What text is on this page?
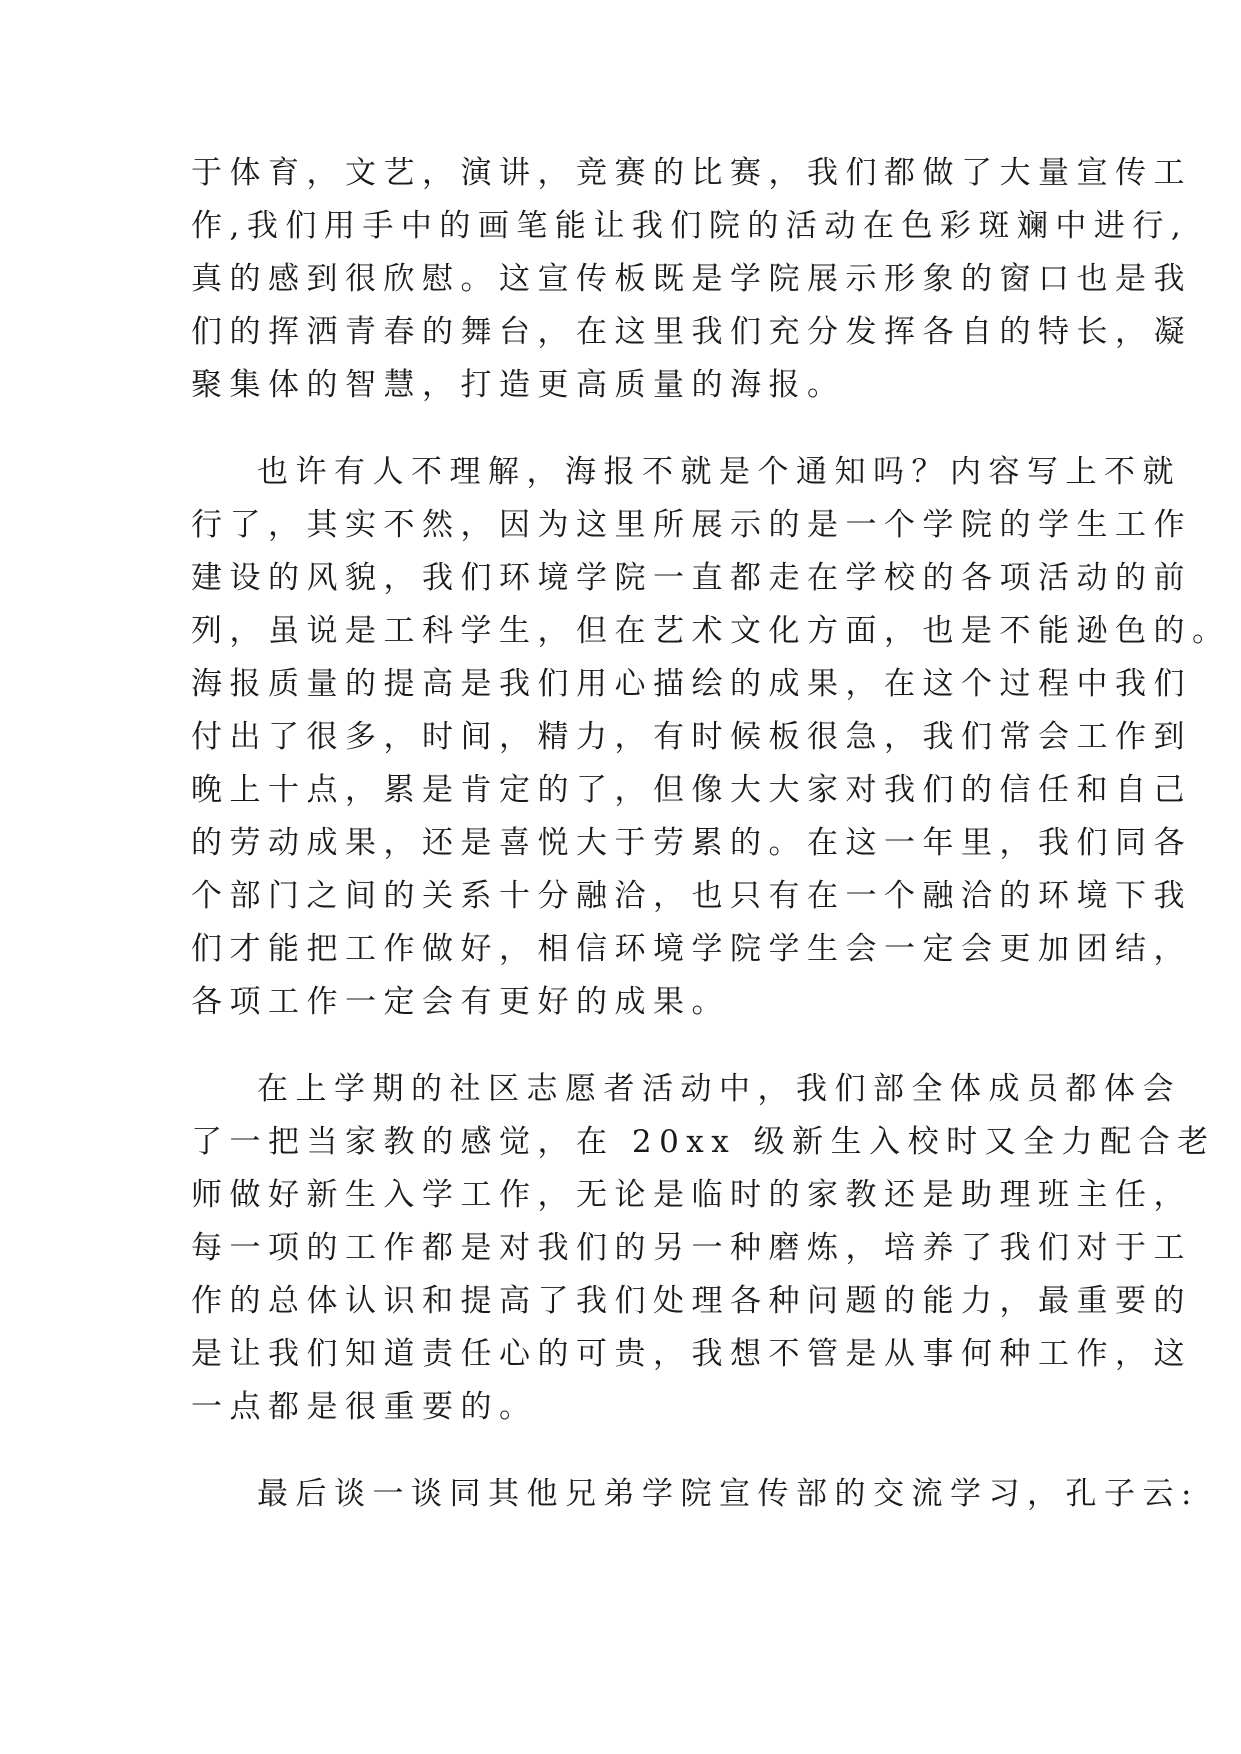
于体育，文艺，演讲，竞赛的比赛，我们都做了大量宣传工
作,我们用手中的画笔能让我们院的活动在色彩斑斓中进行,
真的感到很欣慰。这宣传板既是学院展示形象的窗口也是我
们的挥洒青春的舞台，在这里我们充分发挥各自的特长，凝
聚集体的智慧，打造更高质量的海报。
也许有人不理解，海报不就是个通知吗？内容写上不就
行了，其实不然，因为这里所展示的是一个学院的学生工作
建设的风貌，我们环境学院一直都走在学校的各项活动的前
列，虽说是工科学生，但在艺术文化方面，也是不能逊色的。
海报质量的提高是我们用心描绘的成果，在这个过程中我们
付出了很多，时间，精力，有时候板很急，我们常会工作到
晚上十点，累是肯定的了，但像大大家对我们的信任和自己
的劳动成果，还是喜悦大于劳累的。在这一年里，我们同各
个部门之间的关系十分融洽，也只有在一个融洽的环境下我
们才能把工作做好，相信环境学院学生会一定会更加团结，
各项工作一定会有更好的成果。
在上学期的社区志愿者活动中，我们部全体成员都体会
了一把当家教的感觉，在 20xx 级新生入校时又全力配合老
师做好新生入学工作，无论是临时的家教还是助理班主任，
每一项的工作都是对我们的另一种磨炼，培养了我们对于工
作的总体认识和提高了我们处理各种问题的能力，最重要的
是让我们知道责任心的可贵，我想不管是从事何种工作，这
一点都是很重要的。
最后谈一谈同其他兄弟学院宣传部的交流学习，孔子云:
